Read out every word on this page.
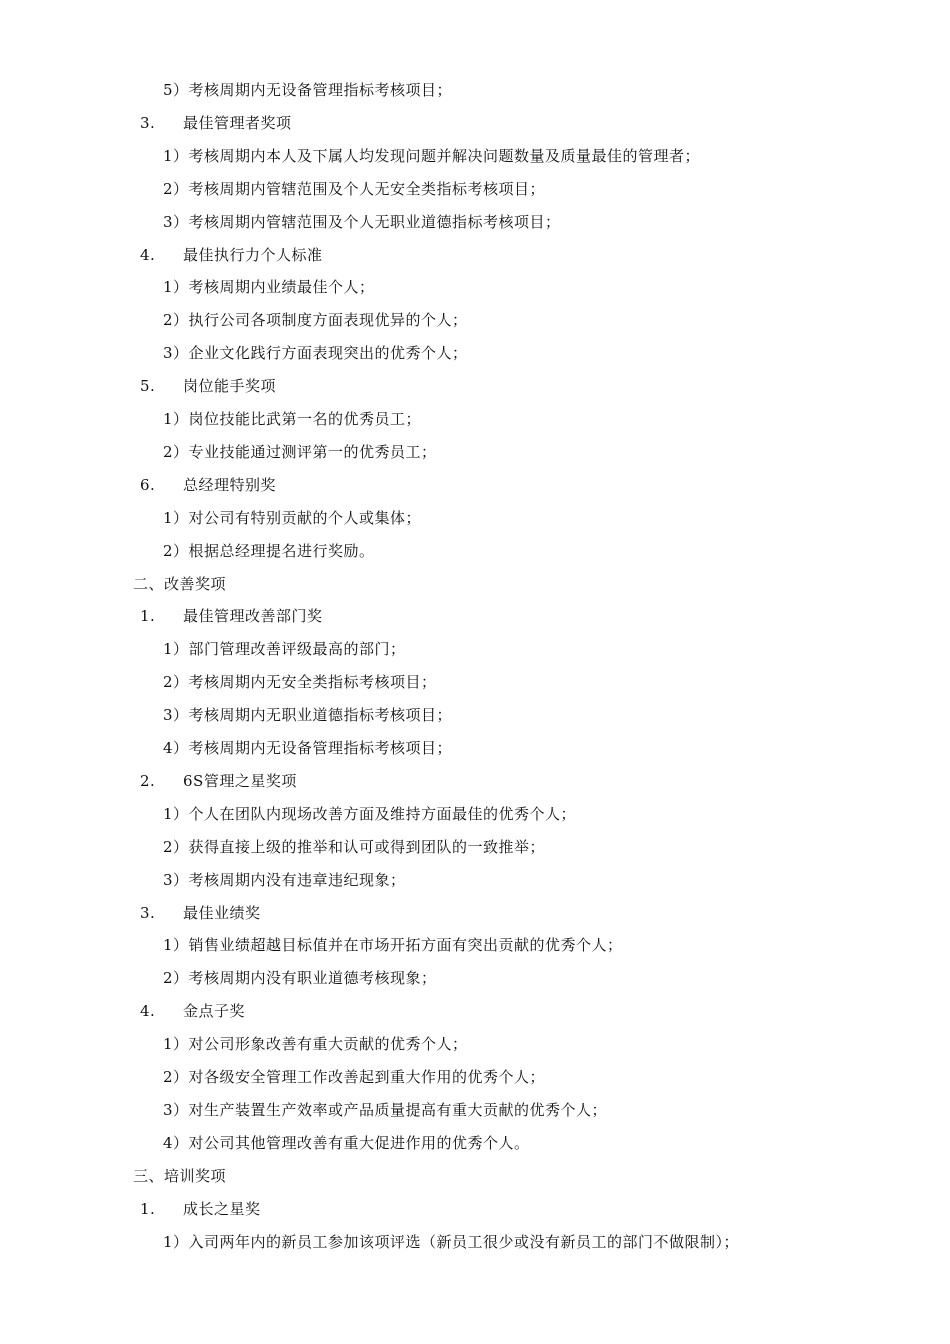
5）考核周期内无设备管理指标考核项目；
3. 最佳管理者奖项
1）考核周期内本人及下属人均发现问题并解决问题数量及质量最佳的管理者；
2）考核周期内管辖范围及个人无安全类指标考核项目；
3）考核周期内管辖范围及个人无职业道德指标考核项目；
4. 最佳执行力个人标准
1）考核周期内业绩最佳个人；
2）执行公司各项制度方面表现优异的个人；
3）企业文化践行方面表现突出的优秀个人；
5. 岗位能手奖项
1）岗位技能比武第一名的优秀员工；
2）专业技能通过测评第一的优秀员工；
6. 总经理特别奖
1）对公司有特别贡献的个人或集体；
2）根据总经理提名进行奖励。
二、改善奖项
1. 最佳管理改善部门奖
1）部门管理改善评级最高的部门；
2）考核周期内无安全类指标考核项目；
3）考核周期内无职业道德指标考核项目；
4）考核周期内无设备管理指标考核项目；
2. 6S管理之星奖项
1）个人在团队内现场改善方面及维持方面最佳的优秀个人；
2）获得直接上级的推举和认可或得到团队的一致推举；
3）考核周期内没有违章违纪现象；
3. 最佳业绩奖
1）销售业绩超越目标值并在市场开拓方面有突出贡献的优秀个人；
2）考核周期内没有职业道德考核现象；
4. 金点子奖
1）对公司形象改善有重大贡献的优秀个人；
2）对各级安全管理工作改善起到重大作用的优秀个人；
3）对生产装置生产效率或产品质量提高有重大贡献的优秀个人；
4）对公司其他管理改善有重大促进作用的优秀个人。
三、培训奖项
1. 成长之星奖
1）入司两年内的新员工参加该项评选（新员工很少或没有新员工的部门不做限制）；
